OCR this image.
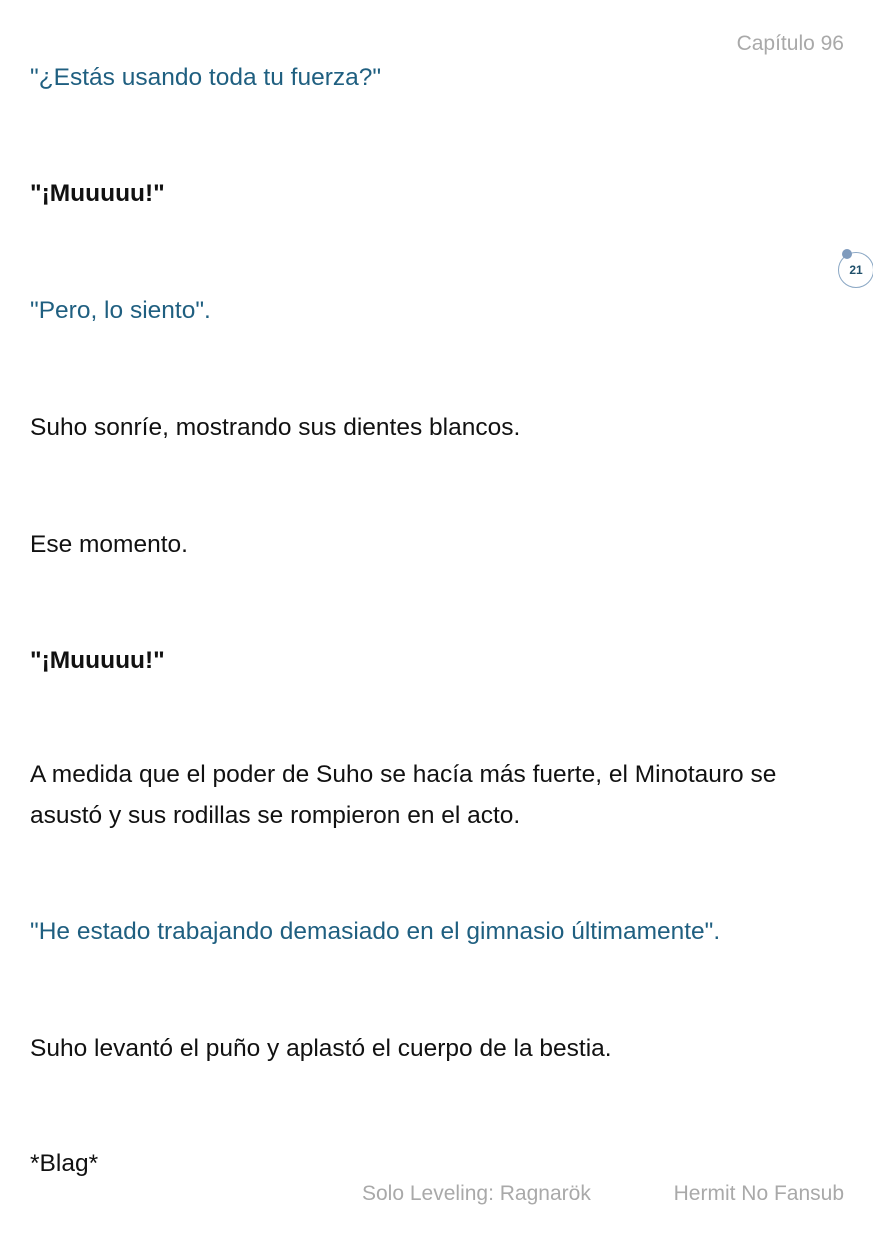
Capítulo 96
"¿Estás usando toda tu fuerza?"
"¡Muuuuu!"
"Pero, lo siento".
Suho sonríe, mostrando sus dientes blancos.
Ese momento.
"¡Muuuuu!"
A medida que el poder de Suho se hacía más fuerte, el Minotauro se asustó y sus rodillas se rompieron en el acto.
"He estado trabajando demasiado en el gimnasio últimamente".
Suho levantó el puño y aplastó el cuerpo de la bestia.
*Blag*
21
Solo Leveling: Ragnarök	Hermit No Fansub
